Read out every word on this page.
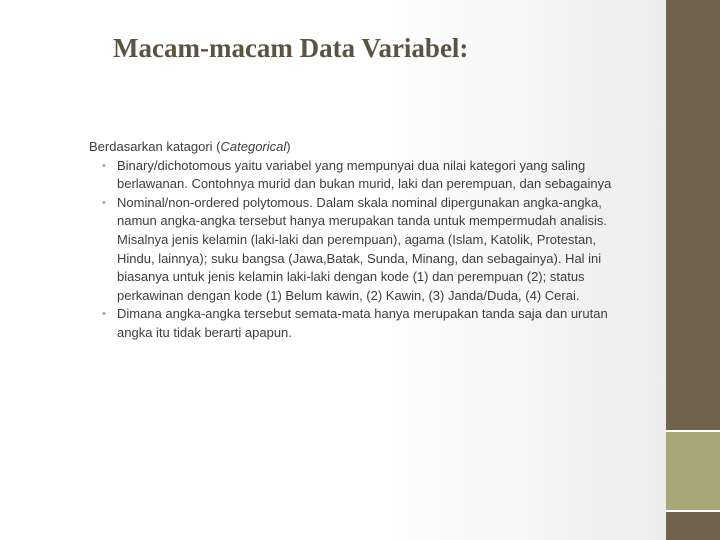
Macam-macam Data Variabel:

Berdasarkan katagori (Categorical)

• Binary/dichotomous yaitu variabel yang mempunyai dua nilai kategori yang saling berlawanan. Contohnya murid dan bukan murid, laki dan perempuan, dan sebagainya
• Nominal/non-ordered polytomous. Dalam skala nominal dipergunakan angka-angka, namun angka-angka tersebut hanya merupakan tanda untuk mempermudah analisis. Misalnya jenis kelamin (laki-laki dan perempuan), agama (Islam, Katolik, Protestan, Hindu, lainnya); suku bangsa (Jawa,Batak, Sunda, Minang, dan sebagainya). Hal ini biasanya untuk jenis kelamin laki-laki dengan kode (1) dan perempuan (2); status perkawinan dengan kode (1) Belum kawin, (2) Kawin, (3) Janda/Duda, (4) Cerai.
• Dimana angka-angka tersebut semata-mata hanya merupakan tanda saja dan urutan angka itu tidak berarti apapun.
